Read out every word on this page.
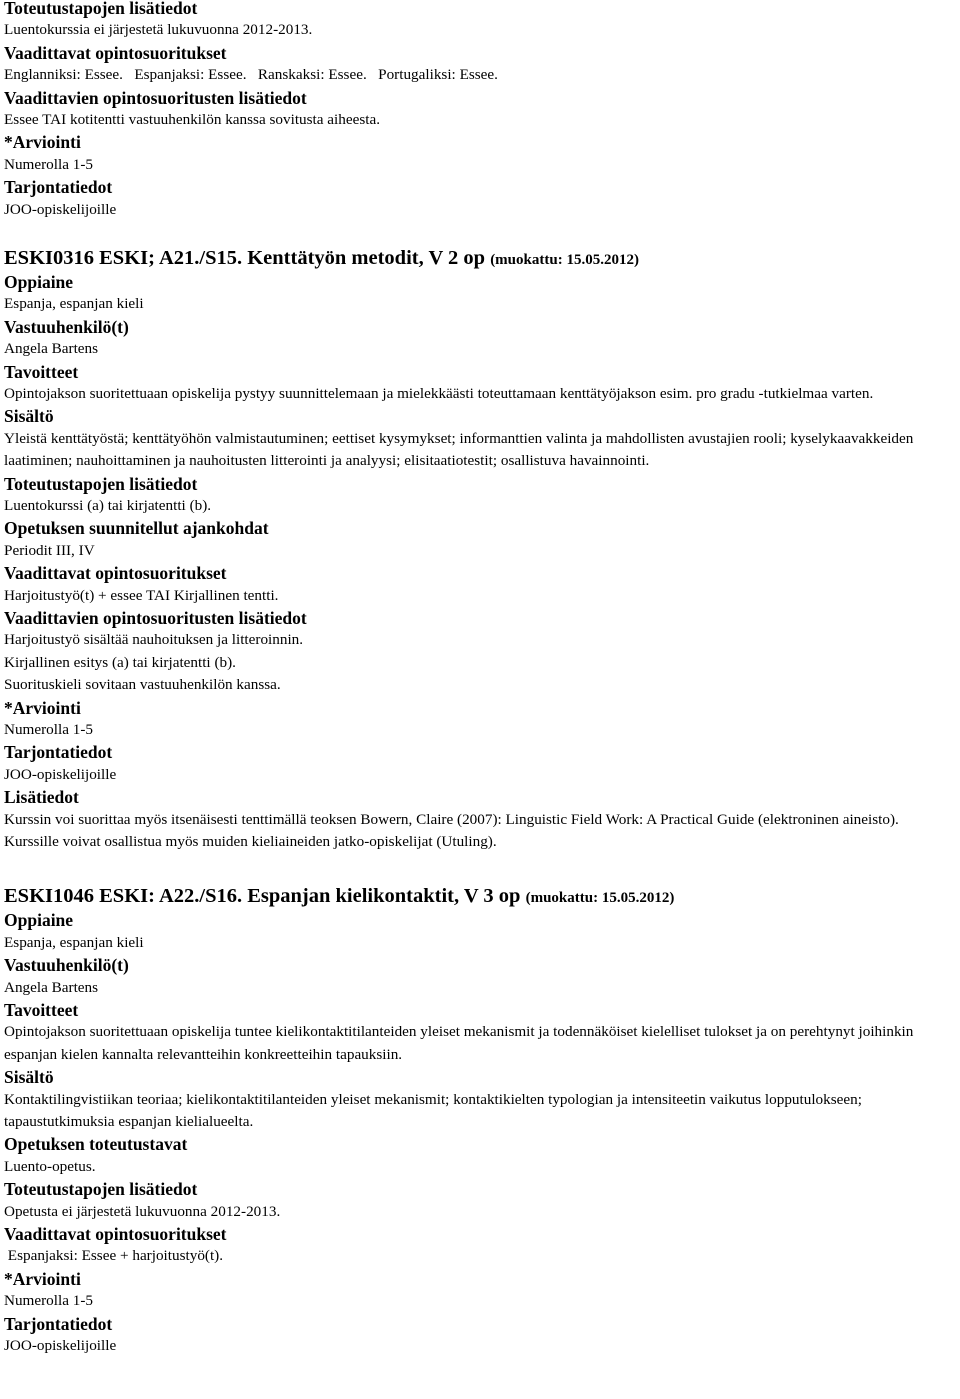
Toteutustapojen lisätiedot
Luentokurssia ei järjestetä lukuvuonna 2012-2013.
Vaadittavat opintosuoritukset
Englanniksi: Essee.   Espanjaksi: Essee.   Ranskaksi: Essee.   Portugaliksi: Essee.
Vaadittavien opintosuoritusten lisätiedot
Essee TAI kotitentti vastuuhenkilön kanssa sovitusta aiheesta.
*Arviointi
Numerolla 1-5
Tarjontatiedot
JOO-opiskelijoille
ESKI0316 ESKI; A21./S15. Kenttätyön metodit, V 2 op (muokattu: 15.05.2012)
Oppiaine
Espanja, espanjan kieli
Vastuuhenkilö(t)
Angela Bartens
Tavoitteet
Opintojakson suoritettuaan opiskelija pystyy suunnittelemaan ja mielekkäästi toteuttamaan kenttätyöjakson esim. pro gradu -tutkielmaa varten.
Sisältö
Yleistä kenttätyöstä; kenttätyöhön valmistautuminen; eettiset kysymykset; informanttien valinta ja mahdollisten avustajien rooli; kyselykaavakkeiden laatiminen; nauhoittaminen ja nauhoitusten litterointi ja analyysi; elisitaatiotestit; osallistuva havainnointi.
Toteutustapojen lisätiedot
Luentokurssi (a) tai kirjatentti (b).
Opetuksen suunnitellut ajankohdat
Periodit III, IV
Vaadittavat opintosuoritukset
Harjoitustyö(t) + essee TAI Kirjallinen tentti.
Vaadittavien opintosuoritusten lisätiedot
Harjoitustyö sisältää nauhoituksen ja litteroinnin.
Kirjallinen esitys (a) tai kirjatentti (b).
Suorituskieli sovitaan vastuuhenkilön kanssa.
*Arviointi
Numerolla 1-5
Tarjontatiedot
JOO-opiskelijoille
Lisätiedot
Kurssin voi suorittaa myös itsenäisesti tenttimällä teoksen Bowern, Claire (2007): Linguistic Field Work: A Practical Guide (elektroninen aineisto).
Kurssille voivat osallistua myös muiden kieliaineiden jatko-opiskelijat (Utuling).
ESKI1046 ESKI: A22./S16. Espanjan kielikontaktit, V 3 op (muokattu: 15.05.2012)
Oppiaine
Espanja, espanjan kieli
Vastuuhenkilö(t)
Angela Bartens
Tavoitteet
Opintojakson suoritettuaan opiskelija tuntee kielikontaktitilanteiden yleiset mekanismit ja todennäköiset kielelliset tulokset ja on perehtynyt joihinkin espanjan kielen kannalta relevantteihin konkreetteihin tapauksiin.
Sisältö
Kontaktilingvistiikan teoriaa; kielikontaktitilanteiden yleiset mekanismit; kontaktikielten typologian ja intensiteetin vaikutus lopputulokseen; tapaustutkimuksia espanjan kielialueelta.
Opetuksen toteutustavat
Luento-opetus.
Toteutustapojen lisätiedot
Opetusta ei järjestetä lukuvuonna 2012-2013.
Vaadittavat opintosuoritukset
Espanjaksi: Essee + harjoitustyö(t).
*Arviointi
Numerolla 1-5
Tarjontatiedot
JOO-opiskelijoille
